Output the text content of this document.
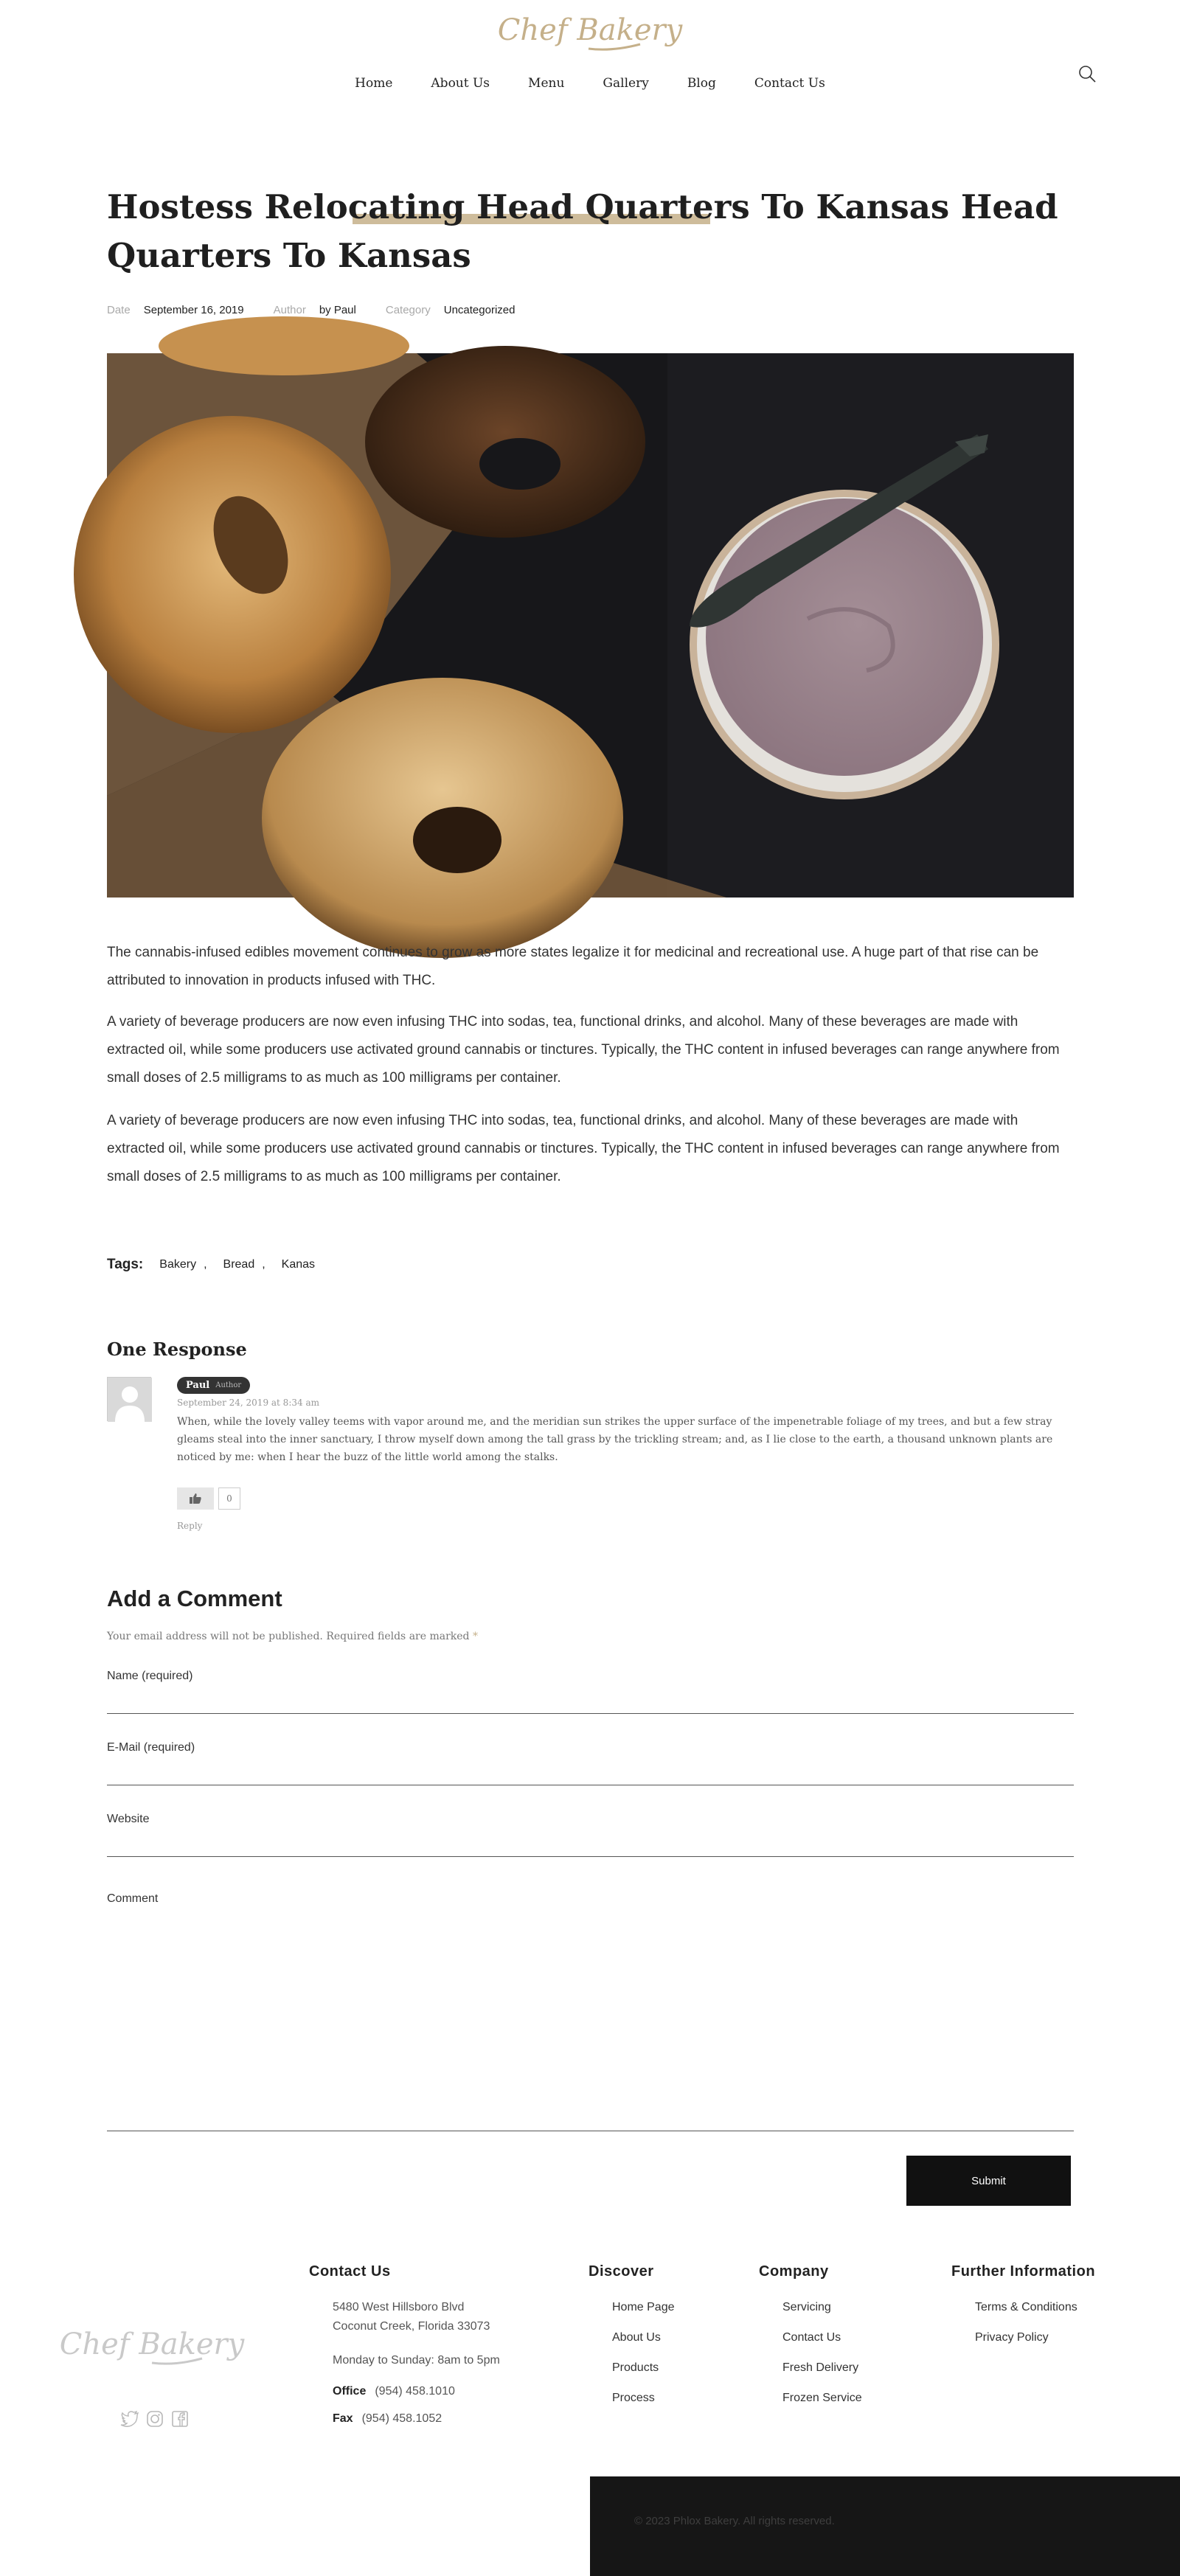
Chef Bakery
Home	About Us	Menu	Gallery	Blog	Contact Us
Hostess Relocating Head Quarters To Kansas Head Quarters To Kansas
Date September 16, 2019	Author by Paul	Category Uncategorized

The cannabis-infused edibles movement continues to grow as more states legalize it for medicinal and recreational use. A huge part of that rise can be attributed to innovation in products infused with THC.

A variety of beverage producers are now even infusing THC into sodas, tea, functional drinks, and alcohol. Many of these beverages are made with extracted oil, while some producers use activated ground cannabis or tinctures. Typically, the THC content in infused beverages can range anywhere from small doses of 2.5 milligrams to as much as 100 milligrams per container.

A variety of beverage producers are now even infusing THC into sodas, tea, functional drinks, and alcohol. Many of these beverages are made with extracted oil, while some producers use activated ground cannabis or tinctures. Typically, the THC content in infused beverages can range anywhere from small doses of 2.5 milligrams to as much as 100 milligrams per container.

Tags: Bakery , Bread , Kanas
One Response
Paul Author
September 24, 2019 at 8:34 am

When, while the lovely valley teems with vapor around me, and the meridian sun strikes the upper surface of the impenetrable foliage of my trees, and but a few stray gleams steal into the inner sanctuary, I throw myself down among the tall grass by the trickling stream; and, as I lie close to the earth, a thousand unknown plants are noticed by me: when I hear the buzz of the little world among the stalks.

0
Reply
Add a Comment

Your email address will not be published. Required fields are marked *

Name (required)
E-Mail (required)
Website
Comment
Submit
Chef Bakery
Contact Us
5480 West Hillsboro Blvd
Coconut Creek, Florida 33073
Monday to Sunday: 8am to 5pm
Office (954) 458.1010
Fax (954) 458.1052
Discover
Home Page
About Us
Products
Process
Company
Servicing
Contact Us
Fresh Delivery
Frozen Service
Further Information
Terms & Conditions
Privacy Policy
© 2023 Phlox Bakery. All rights reserved.
